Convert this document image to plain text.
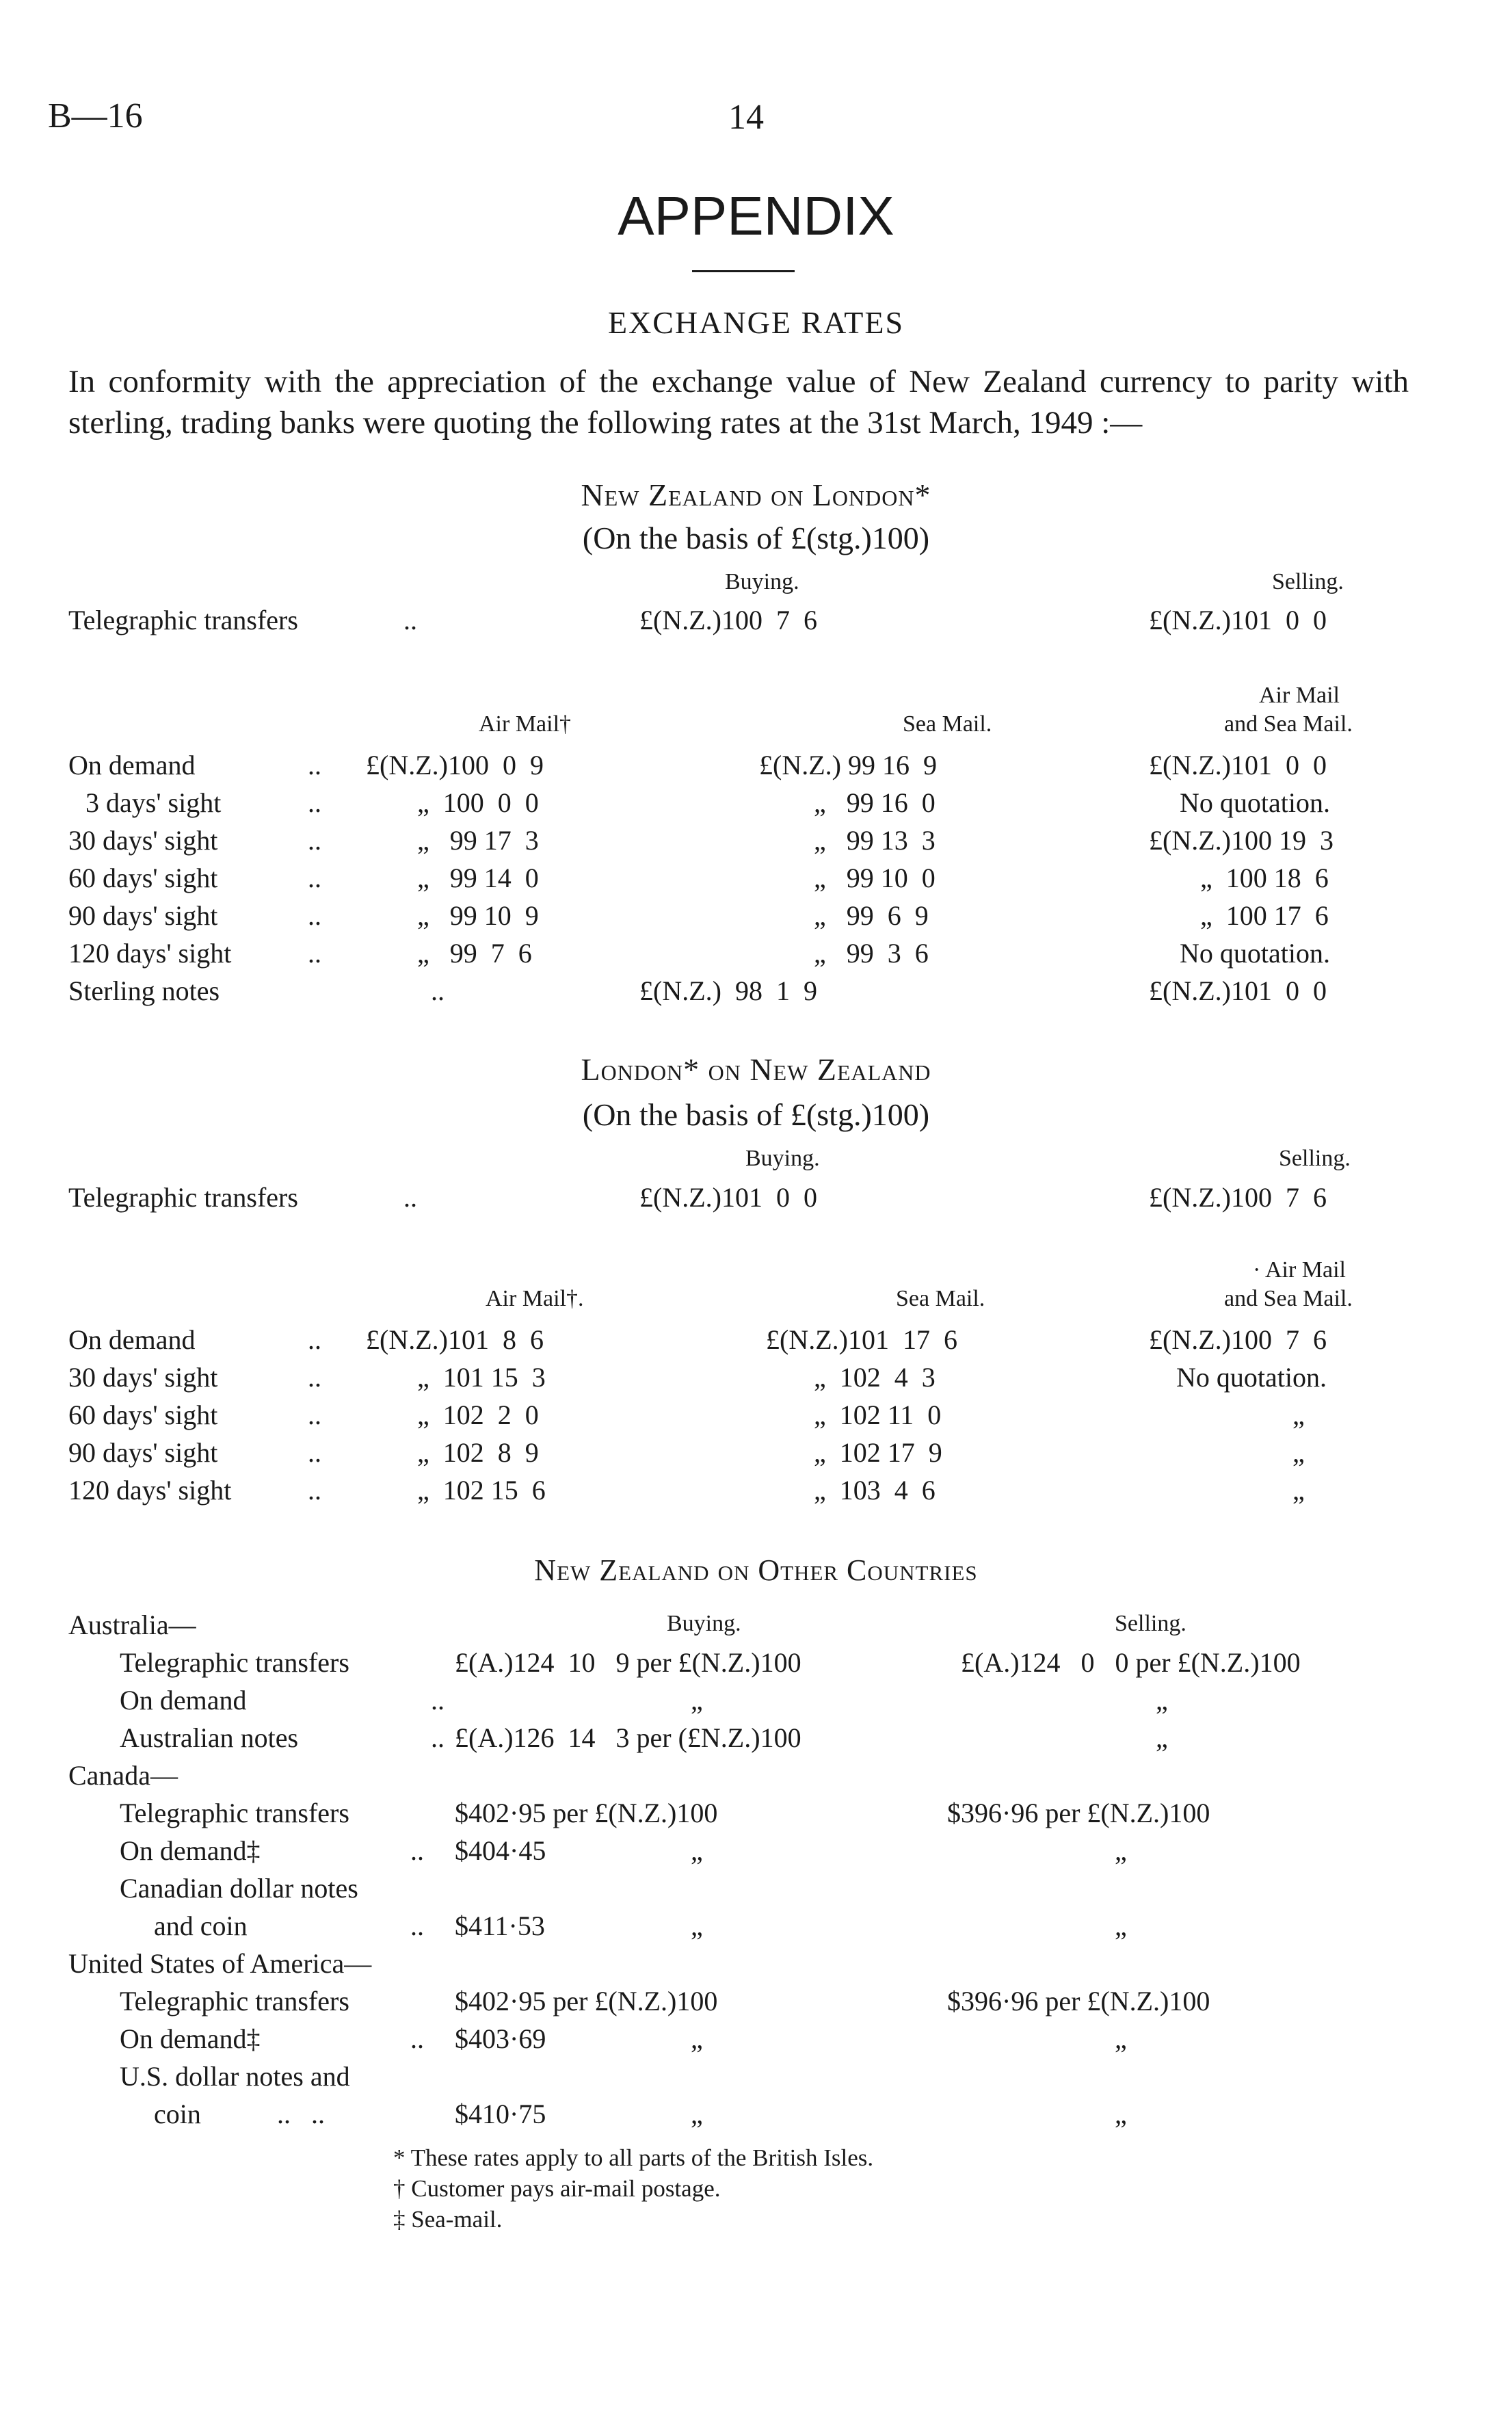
B—16	14
APPENDIX
EXCHANGE RATES
In conformity with the appreciation of the exchange value of New Zealand currency to parity with sterling, trading banks were quoting the following rates at the 31st March, 1949 :—
New Zealand on London*
(On the basis of £(stg.)100)
Buying.	Selling.
Telegraphic transfers	..	£(N.Z.)100  7  6	£(N.Z.)101  0  0
Air Mail†	Sea Mail.
Air Mail
and Sea Mail.
On demand	.. £(N.Z.)100  0  9	£(N.Z.) 99 16  9	£(N.Z.)101  0  0
3 days' sight	..	„  100  0  0	„   99 16  0	No quotation.
30 days' sight	..	„   99 17  3	„   99 13  3	£(N.Z.)100 19  3
60 days' sight	..	„   99 14  0	„   99 10  0	„  100 18  6
90 days' sight	..	„   99 10  9	„   99  6  9	„  100 17  6
120 days' sight	..	„   99  7  6	„   99  3  6	No quotation.
Sterling notes	..	£(N.Z.)  98  1  9	£(N.Z.)101  0  0
London* on New Zealand
(On the basis of £(stg.)100)
Buying.	Selling.
Telegraphic transfers	..	£(N.Z.)101  0  0	£(N.Z.)100  7  6
Air Mail†.	Sea Mail.
· Air Mail
and Sea Mail.
On demand	.. £(N.Z.)101  8  6	£(N.Z.)101  17  6	£(N.Z.)100  7  6
30 days' sight	..	„  101 15  3	„  102  4  3	No quotation.
60 days' sight	..	„  102  2  0	„  102 11  0	„
90 days' sight	..	„  102  8  9	„  102 17  9	„
120 days' sight	..	„  102 15  6	„  103  4  6	„
New Zealand on Other Countries
Buying.	Selling.
Australia—
Telegraphic transfers	£(A.)124  10   9 per £(N.Z.)100	£(A.)124   0   0 per £(N.Z.)100
On demand	..	„	„
Australian notes	.. £(A.)126  14   3 per (£N.Z.)100	„
Canada—
Telegraphic transfers	$402·95 per £(N.Z.)100	$396·96 per £(N.Z.)100
On demand‡	.. $404·45	„	„
Canadian dollar notes
and coin	.. $411·53	„	„
United States of America—
Telegraphic transfers	$402·95 per £(N.Z.)100	$396·96 per £(N.Z.)100
On demand‡	.. $403·69	„	„
U.S. dollar notes and
coin	..   ..	$410·75	„	„
* These rates apply to all parts of the British Isles.
† Customer pays air-mail postage.
‡ Sea-mail.
